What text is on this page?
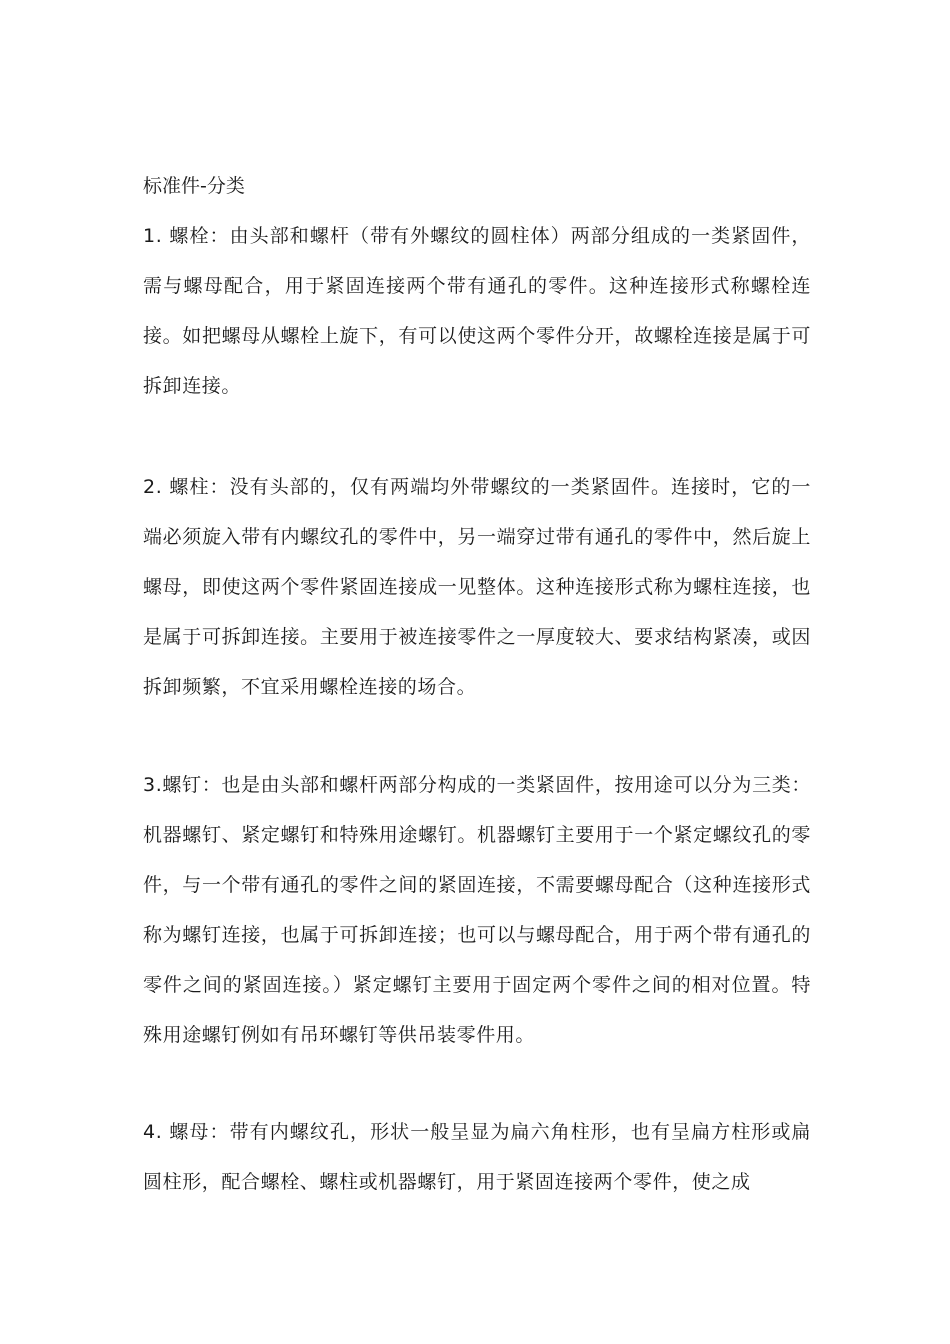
标准件-分类

1. 螺栓：由头部和螺杆（带有外螺纹的圆柱体）两部分组成的一类紧固件，需与螺母配合，用于紧固连接两个带有通孔的零件。这种连接形式称螺栓连接。如把螺母从螺栓上旋下，有可以使这两个零件分开，故螺栓连接是属于可拆卸连接。

2. 螺柱：没有头部的，仅有两端均外带螺纹的一类紧固件。连接时，它的一端必须旋入带有内螺纹孔的零件中，另一端穿过带有通孔的零件中，然后旋上螺母，即使这两个零件紧固连接成一见整体。这种连接形式称为螺柱连接，也是属于可拆卸连接。主要用于被连接零件之一厚度较大、要求结构紧凑，或因拆卸频繁，不宜采用螺栓连接的场合。

3.螺钉：也是由头部和螺杆两部分构成的一类紧固件，按用途可以分为三类：机器螺钉、紧定螺钉和特殊用途螺钉。机器螺钉主要用于一个紧定螺纹孔的零件，与一个带有通孔的零件之间的紧固连接，不需要螺母配合（这种连接形式称为螺钉连接，也属于可拆卸连接；也可以与螺母配合，用于两个带有通孔的零件之间的紧固连接。）紧定螺钉主要用于固定两个零件之间的相对位置。特殊用途螺钉例如有吊环螺钉等供吊装零件用。

4. 螺母：带有内螺纹孔，形状一般呈显为扁六角柱形，也有呈扁方柱形或扁圆柱形，配合螺栓、螺柱或机器螺钉，用于紧固连接两个零件，使之成
